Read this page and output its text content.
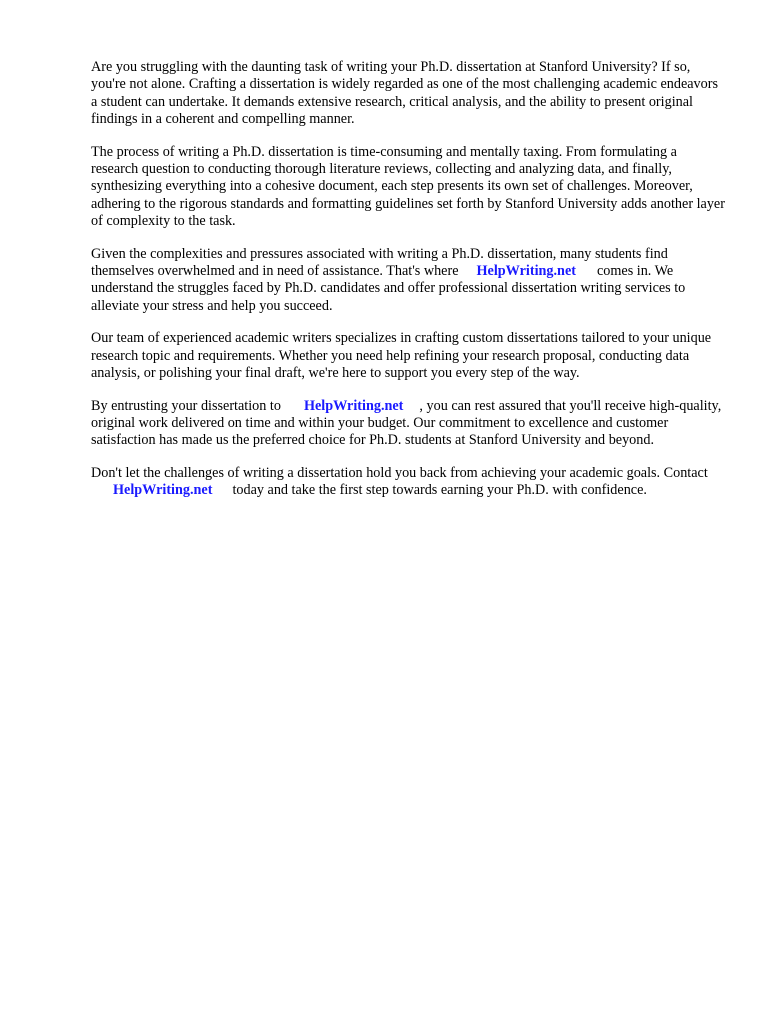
Are you struggling with the daunting task of writing your Ph.D. dissertation at Stanford University? If so, you're not alone. Crafting a dissertation is widely regarded as one of the most challenging academic endeavors a student can undertake. It demands extensive research, critical analysis, and the ability to present original findings in a coherent and compelling manner.

The process of writing a Ph.D. dissertation is time-consuming and mentally taxing. From formulating a research question to conducting thorough literature reviews, collecting and analyzing data, and finally, synthesizing everything into a cohesive document, each step presents its own set of challenges. Moreover, adhering to the rigorous standards and formatting guidelines set forth by Stanford University adds another layer of complexity to the task.

Given the complexities and pressures associated with writing a Ph.D. dissertation, many students find themselves overwhelmed and in need of assistance. That's where HelpWriting.net comes in. We understand the struggles faced by Ph.D. candidates and offer professional dissertation writing services to alleviate your stress and help you succeed.

Our team of experienced academic writers specializes in crafting custom dissertations tailored to your unique research topic and requirements. Whether you need help refining your research proposal, conducting data analysis, or polishing your final draft, we're here to support you every step of the way.

By entrusting your dissertation to HelpWriting.net , you can rest assured that you'll receive high-quality, original work delivered on time and within your budget. Our commitment to excellence and customer satisfaction has made us the preferred choice for Ph.D. students at Stanford University and beyond.

Don't let the challenges of writing a dissertation hold you back from achieving your academic goals. ContactHelpWriting.net today and take the first step towards earning your Ph.D. with confidence.
